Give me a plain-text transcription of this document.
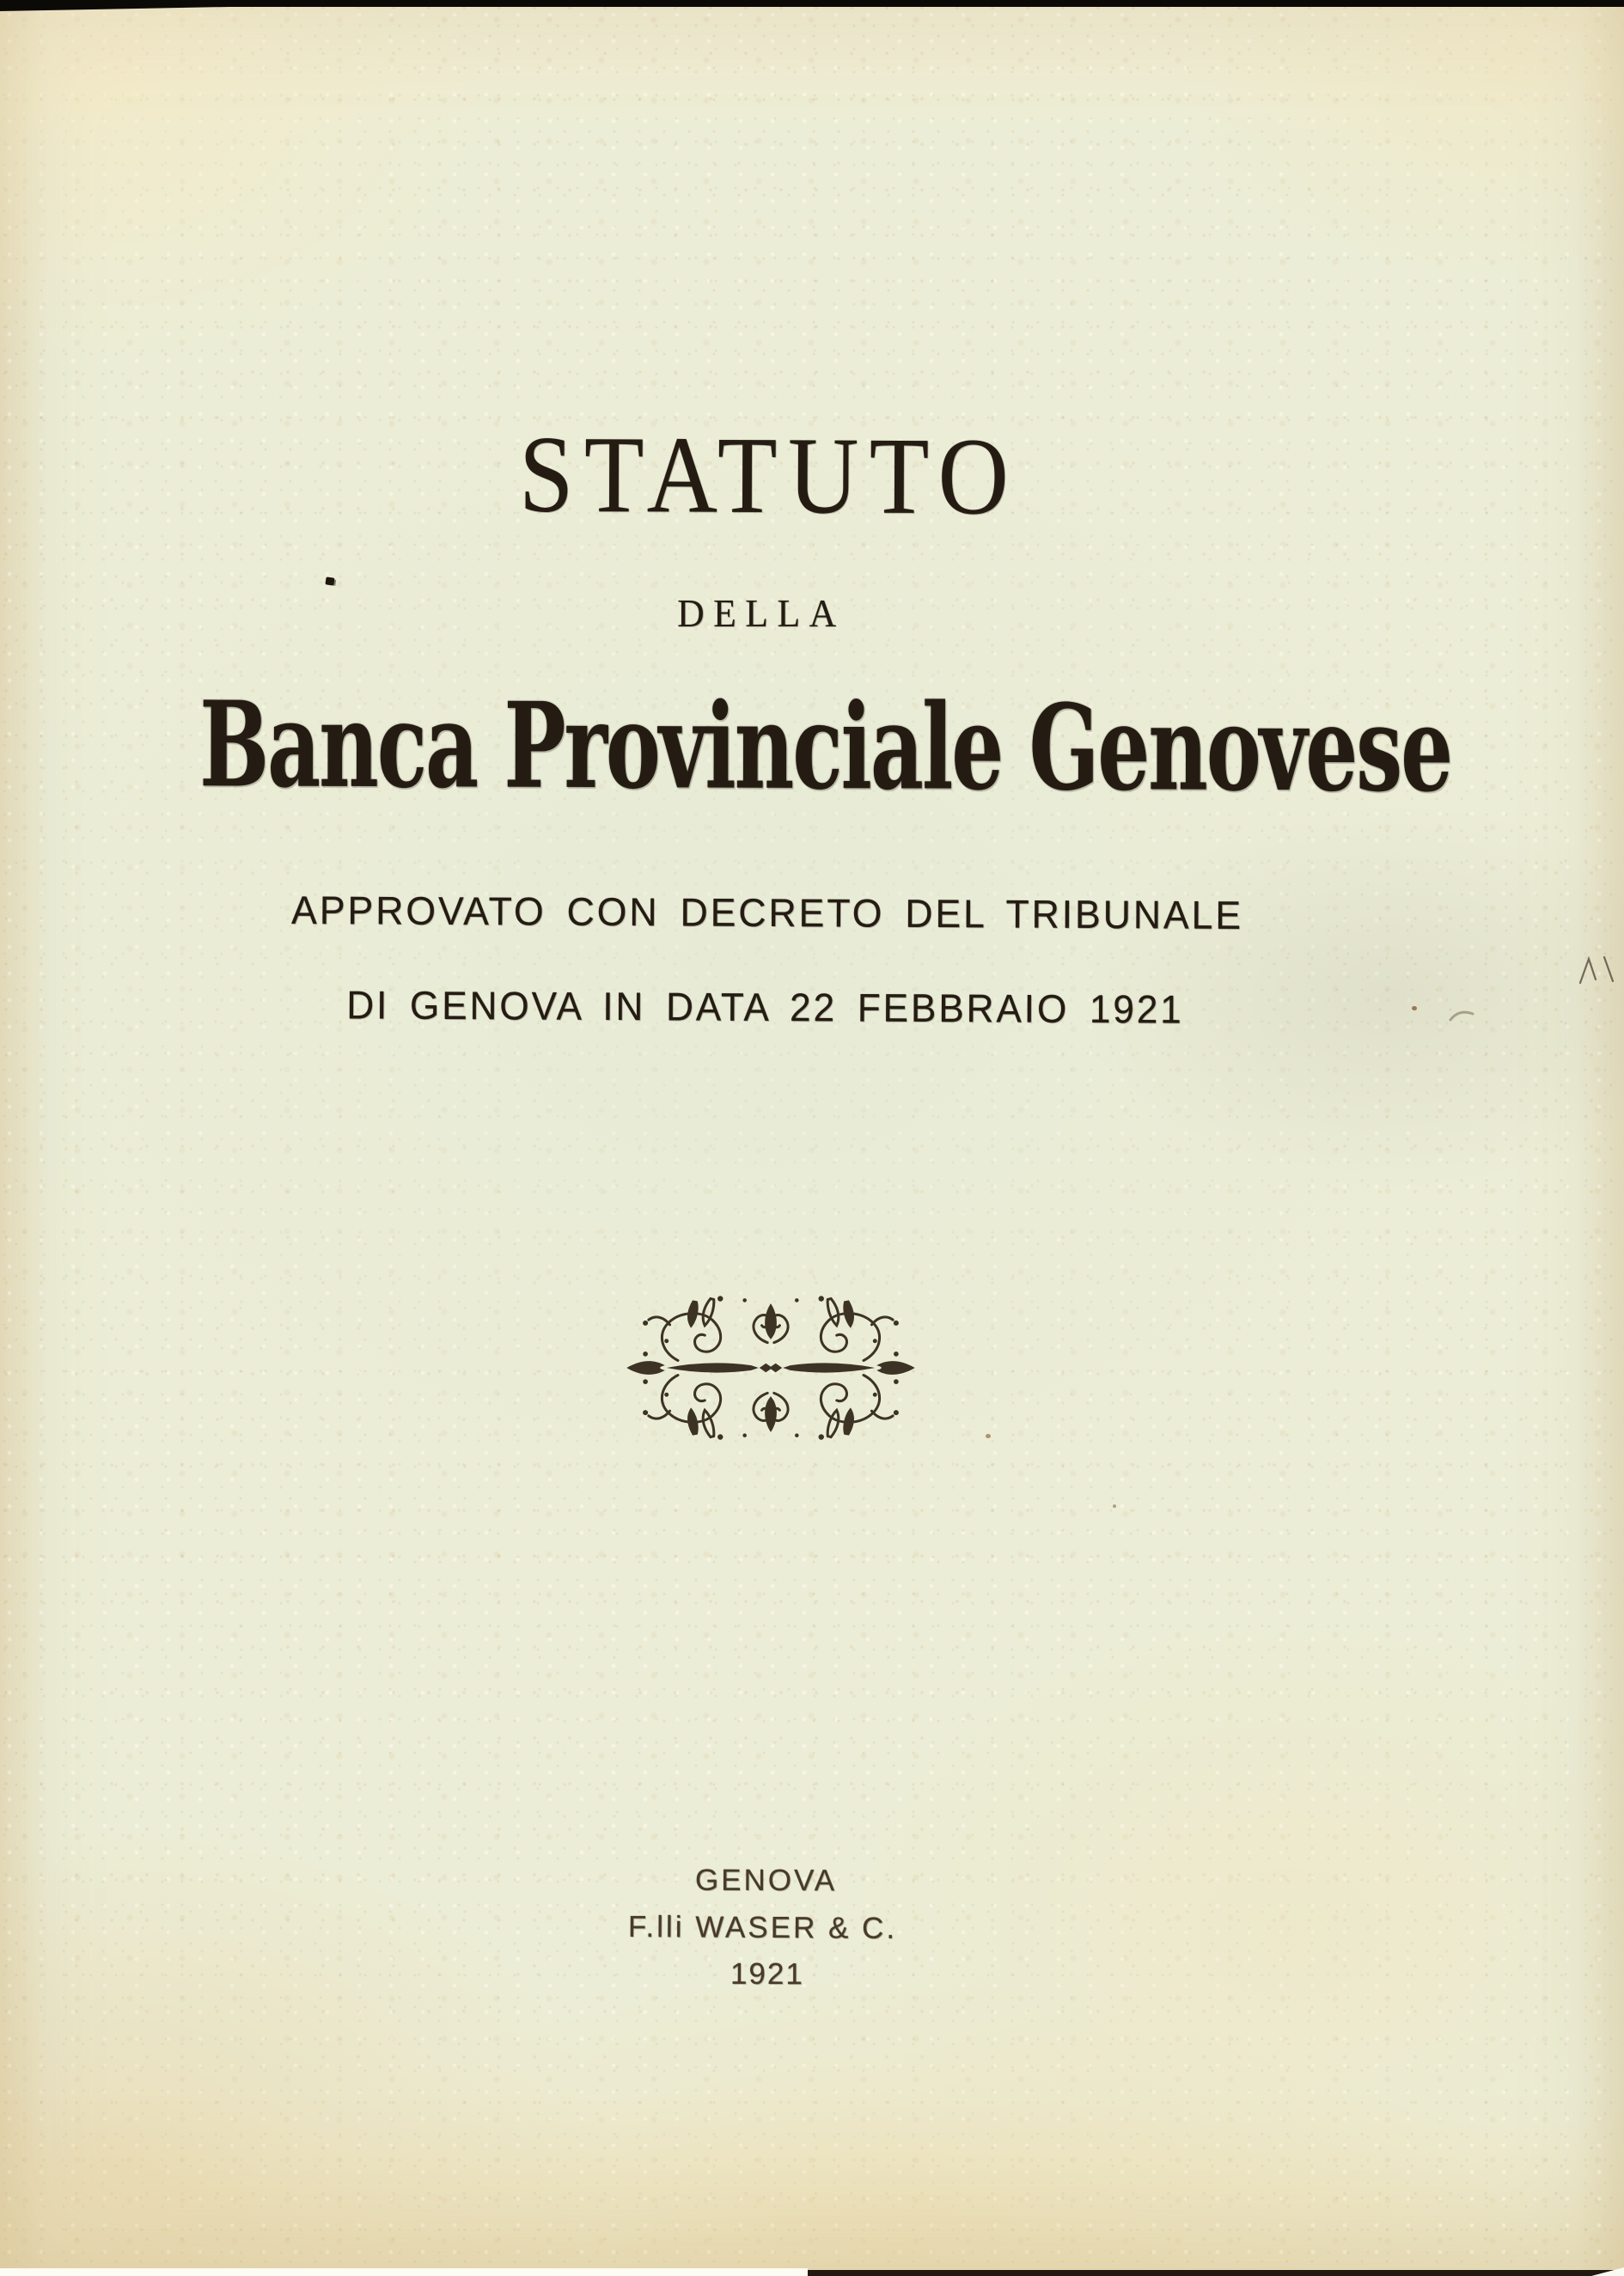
STATUTO
DELLA
Banca Provinciale Genovese
APPROVATO CON DECRETO DEL TRIBUNALE
DI GENOVA IN DATA 22 FEBBRAIO 1921
GENOVA
F.lli WASER & C.
1921
